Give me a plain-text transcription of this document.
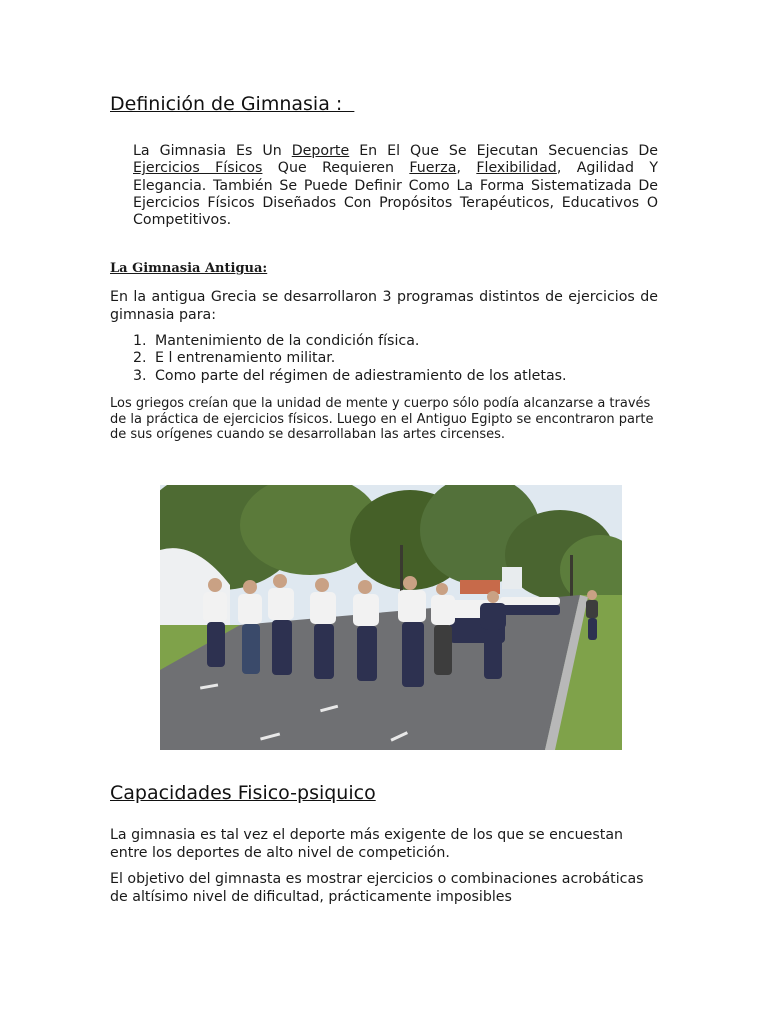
Definición de Gimnasia :

La Gimnasia Es Un Deporte En El Que Se Ejecutan Secuencias De Ejercicios Físicos Que Requieren Fuerza, Flexibilidad, Agilidad Y Elegancia. También Se Puede Definir Como La Forma Sistematizada De Ejercicios Físicos Diseñados Con Propósitos Terapéuticos, Educativos O Competitivos.

La Gimnasia Antigua:

En la antigua Grecia se desarrollaron 3 programas distintos de ejercicios de gimnasia para:

1. Mantenimiento de la condición física.
2. E l entrenamiento militar.
3. Como parte del régimen de adiestramiento de los atletas.

Los griegos creían que la unidad de mente y cuerpo sólo podía alcanzarse a través de la práctica de ejercicios físicos. Luego en el Antiguo Egipto se encontraron parte de sus orígenes cuando se desarrollaban las artes circenses.

Capacidades Fisico-psiquico

La gimnasia es tal vez el deporte más exigente de los que se encuestan entre los deportes de alto nivel de competición.

El objetivo del gimnasta es mostrar ejercicios o combinaciones acrobáticas de altísimo nivel de dificultad, prácticamente imposibles
